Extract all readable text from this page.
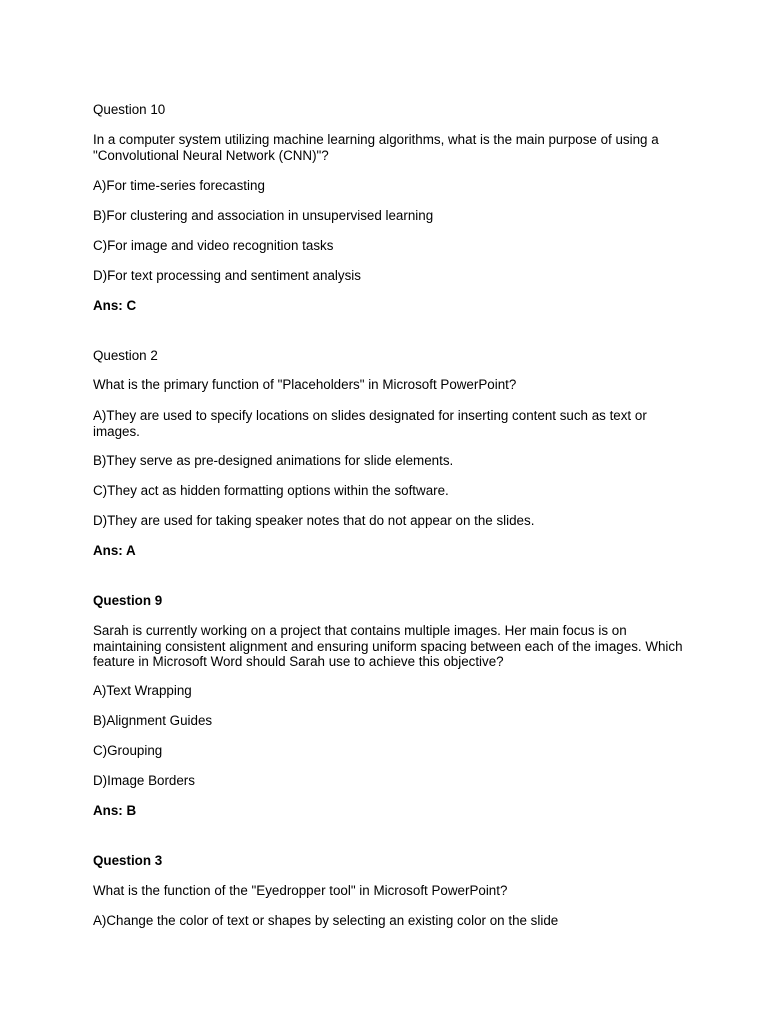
Question 10

In a computer system utilizing machine learning algorithms, what is the main purpose of using a "Convolutional Neural Network (CNN)"?

A)For time-series forecasting

B)For clustering and association in unsupervised learning

C)For image and video recognition tasks

D)For text processing and sentiment analysis

Ans: C

Question 2

What is the primary function of "Placeholders" in Microsoft PowerPoint?

A)They are used to specify locations on slides designated for inserting content such as text or images.

B)They serve as pre-designed animations for slide elements.

C)They act as hidden formatting options within the software.

D)They are used for taking speaker notes that do not appear on the slides.

Ans: A

Question 9

Sarah is currently working on a project that contains multiple images. Her main focus is on maintaining consistent alignment and ensuring uniform spacing between each of the images. Which feature in Microsoft Word should Sarah use to achieve this objective?

A)Text Wrapping

B)Alignment Guides

C)Grouping

D)Image Borders

Ans: B

Question 3

What is the function of the "Eyedropper tool" in Microsoft PowerPoint?

A)Change the color of text or shapes by selecting an existing color on the slide
